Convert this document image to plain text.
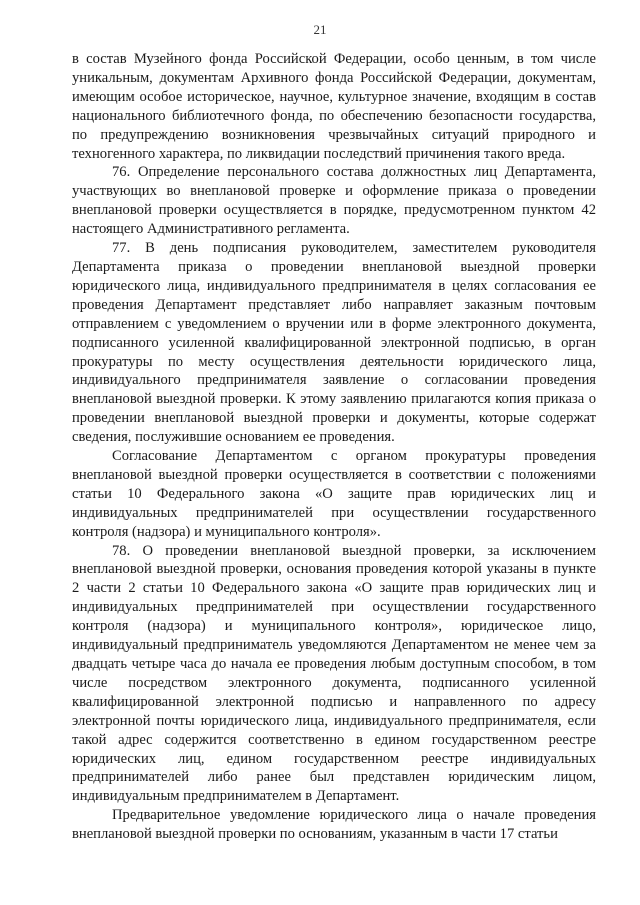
21

в состав Музейного фонда Российской Федерации, особо ценным, в том числе уникальным, документам Архивного фонда Российской Федерации, документам, имеющим особое историческое, научное, культурное значение, входящим в состав национального библиотечного фонда, по обеспечению безопасности государства, по предупреждению возникновения чрезвычайных ситуаций природного и техногенного характера, по ликвидации последствий причинения такого вреда.

76. Определение персонального состава должностных лиц Департамента, участвующих во внеплановой проверке и оформление приказа о проведении внеплановой проверки осуществляется в порядке, предусмотренном пунктом 42 настоящего Административного регламента.

77. В день подписания руководителем, заместителем руководителя Департамента приказа о проведении внеплановой выездной проверки юридического лица, индивидуального предпринимателя в целях согласования ее проведения Департамент представляет либо направляет заказным почтовым отправлением с уведомлением о вручении или в форме электронного документа, подписанного усиленной квалифицированной электронной подписью, в орган прокуратуры по месту осуществления деятельности юридического лица, индивидуального предпринимателя заявление о согласовании проведения внеплановой выездной проверки. К этому заявлению прилагаются копия приказа о проведении внеплановой выездной проверки и документы, которые содержат сведения, послужившие основанием ее проведения.

Согласование Департаментом с органом прокуратуры проведения внеплановой выездной проверки осуществляется в соответствии с положениями статьи 10 Федерального закона «О защите прав юридических лиц и индивидуальных предпринимателей при осуществлении государственного контроля (надзора) и муниципального контроля».

78. О проведении внеплановой выездной проверки, за исключением внеплановой выездной проверки, основания проведения которой указаны в пункте 2 части 2 статьи 10 Федерального закона «О защите прав юридических лиц и индивидуальных предпринимателей при осуществлении государственного контроля (надзора) и муниципального контроля», юридическое лицо, индивидуальный предприниматель уведомляются Департаментом не менее чем за двадцать четыре часа до начала ее проведения любым доступным способом, в том числе посредством электронного документа, подписанного усиленной квалифицированной электронной подписью и направленного по адресу электронной почты юридического лица, индивидуального предпринимателя, если такой адрес содержится соответственно в едином государственном реестре юридических лиц, едином государственном реестре индивидуальных предпринимателей либо ранее был представлен юридическим лицом, индивидуальным предпринимателем в Департамент.

Предварительное уведомление юридического лица о начале проведения внеплановой выездной проверки по основаниям, указанным в части 17 статьи
